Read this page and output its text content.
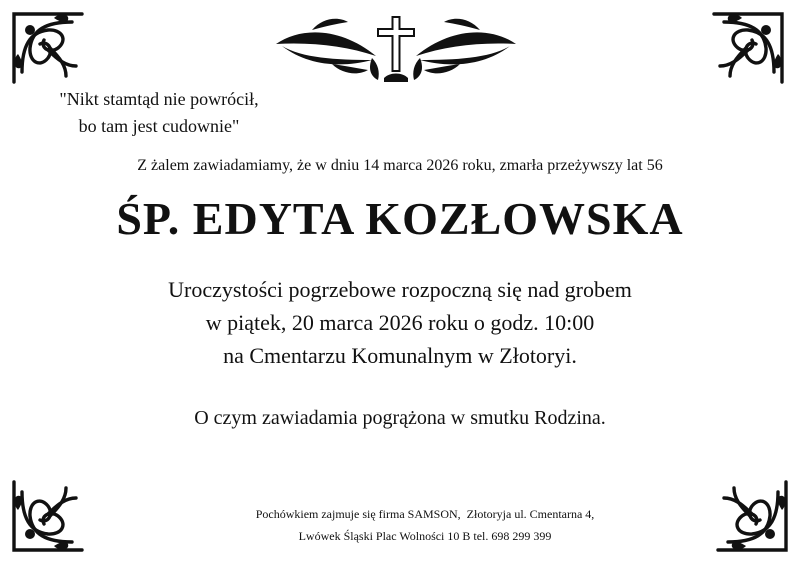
"Nikt stamtąd nie powrócił,
bo tam jest cudownie"
Z żalem zawiadamiamy, że w dniu 14 marca 2026 roku, zmarła przeżywszy lat 56
ŚP. EDYTA KOZŁOWSKA
Uroczystości pogrzebowe rozpoczną się nad grobem
w piątek, 20 marca 2026 roku o godz. 10:00
na Cmentarzu Komunalnym w Złotoryi.
O czym zawiadamia pogrążona w smutku Rodzina.
Pochówkiem zajmuje się firma SAMSON,  Złotoryja ul. Cmentarna 4,
Lwówek Śląski Plac Wolności 10 B tel. 698 299 399
